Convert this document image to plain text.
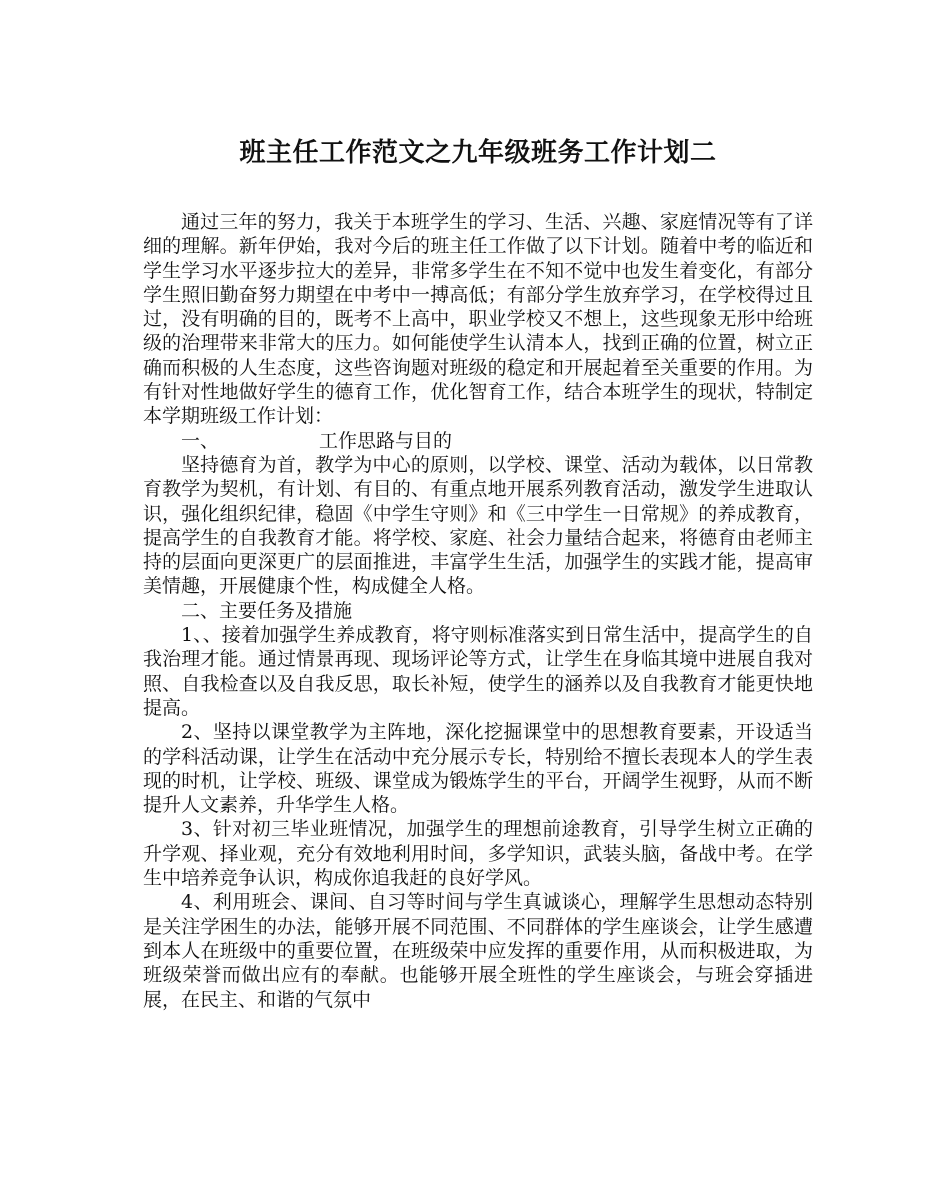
班主任工作范文之九年级班务工作计划二

通过三年的努力，我关于本班学生的学习、生活、兴趣、家庭情况等有了详细的理解。新年伊始，我对今后的班主任工作做了以下计划。随着中考的临近和学生学习水平逐步拉大的差异，非常多学生在不知不觉中也发生着变化，有部分学生照旧勤奋努力期望在中考中一搏高低；有部分学生放弃学习，在学校得过且过，没有明确的目的，既考不上高中，职业学校又不想上，这些现象无形中给班级的治理带来非常大的压力。如何能使学生认清本人，找到正确的位置，树立正确而积极的人生态度，这些咨询题对班级的稳定和开展起着至关重要的作用。为有针对性地做好学生的德育工作，优化智育工作，结合本班学生的现状，特制定本学期班级工作计划：

一、	工作思路与目的

坚持德育为首，教学为中心的原则，以学校、课堂、活动为载体，以日常教育教学为契机，有计划、有目的、有重点地开展系列教育活动，激发学生进取认识，强化组织纪律，稳固《中学生守则》和《三中学生一日常规》的养成教育，提高学生的自我教育才能。将学校、家庭、社会力量结合起来，将德育由老师主持的层面向更深更广的层面推进，丰富学生生活，加强学生的实践才能，提高审美情趣，开展健康个性，构成健全人格。

二、主要任务及措施

1、、接着加强学生养成教育，将守则标准落实到日常生活中，提高学生的自我治理才能。通过情景再现、现场评论等方式，让学生在身临其境中进展自我对照、自我检查以及自我反思，取长补短，使学生的涵养以及自我教育才能更快地提高。

2、坚持以课堂教学为主阵地，深化挖掘课堂中的思想教育要素，开设适当的学科活动课，让学生在活动中充分展示专长，特别给不擅长表现本人的学生表现的时机，让学校、班级、课堂成为锻炼学生的平台，开阔学生视野，从而不断提升人文素养，升华学生人格。

3、针对初三毕业班情况，加强学生的理想前途教育，引导学生树立正确的升学观、择业观，充分有效地利用时间，多学知识，武装头脑，备战中考。在学生中培养竞争认识，构成你追我赶的良好学风。

4、利用班会、课间、自习等时间与学生真诚谈心，理解学生思想动态特别是关注学困生的办法，能够开展不同范围、不同群体的学生座谈会，让学生感遭到本人在班级中的重要位置，在班级荣中应发挥的重要作用，从而积极进取，为班级荣誉而做出应有的奉献。也能够开展全班性的学生座谈会，与班会穿插进展，在民主、和谐的气氛中
